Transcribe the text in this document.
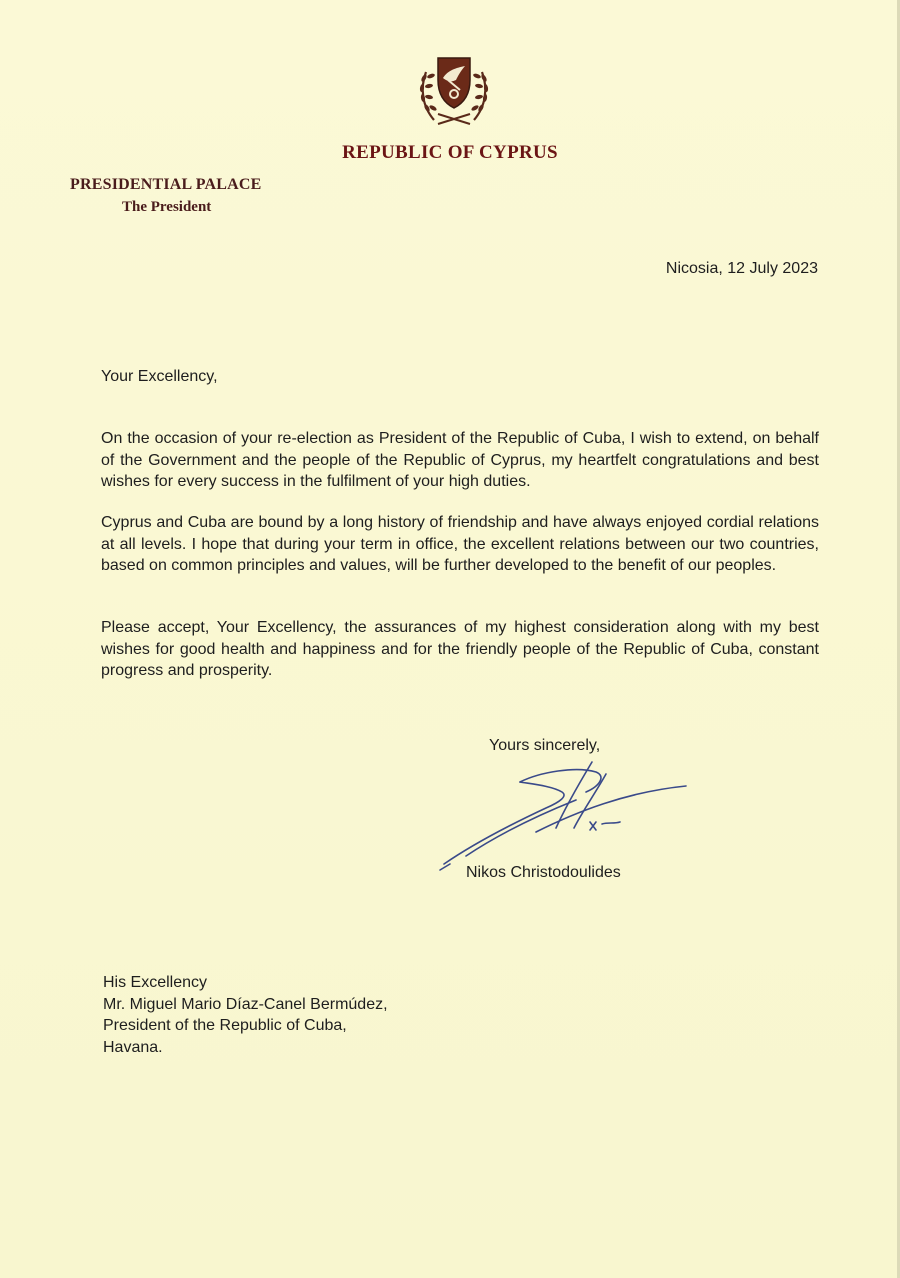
REPUBLIC OF CYPRUS
PRESIDENTIAL PALACE
The President
Nicosia, 12 July 2023
Your Excellency,
On the occasion of your re-election as President of the Republic of Cuba, I wish to extend, on behalf of the Government and the people of the Republic of Cyprus, my heartfelt congratulations and best wishes for every success in the fulfilment of your high duties.
Cyprus and Cuba are bound by a long history of friendship and have always enjoyed cordial relations at all levels. I hope that during your term in office, the excellent relations between our two countries, based on common principles and values, will be further developed to the benefit of our peoples.
Please accept, Your Excellency, the assurances of my highest consideration along with my best wishes for good health and happiness and for the friendly people of the Republic of Cuba, constant progress and prosperity.
Yours sincerely,
Nikos Christodoulides
His Excellency
Mr. Miguel Mario Díaz-Canel Bermúdez,
President of the Republic of Cuba,
Havana.
